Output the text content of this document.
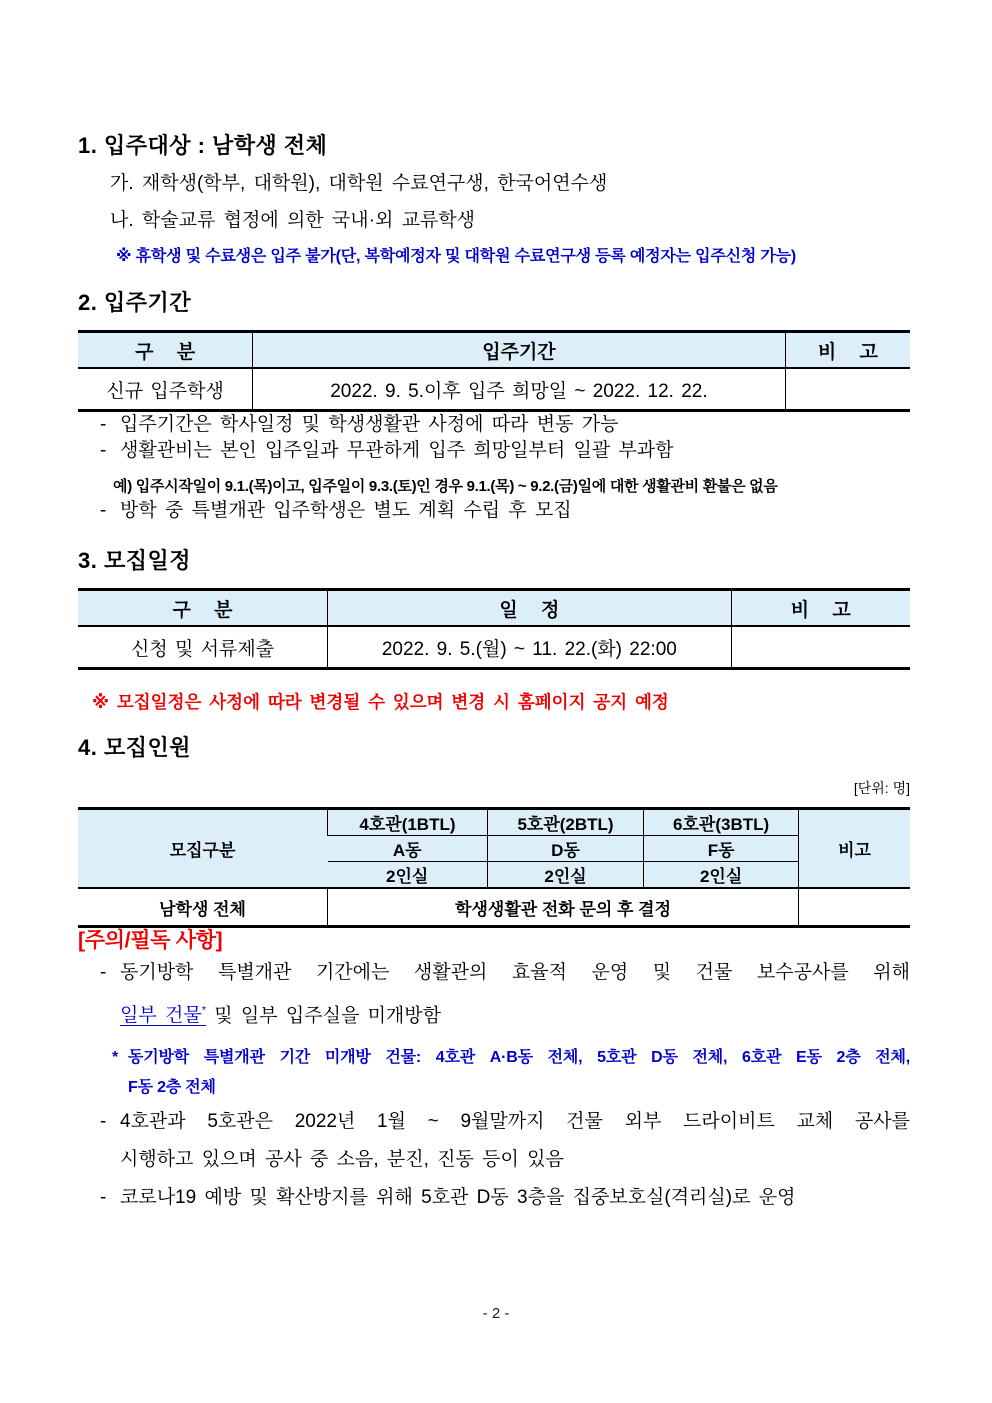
1. 입주대상 : 남학생 전체
가. 재학생(학부, 대학원), 대학원 수료연구생, 한국어연수생
나. 학술교류 협정에 의한 국내·외 교류학생
※ 휴학생 및 수료생은 입주 불가(단, 복학예정자 및 대학원 수료연구생 등록 예정자는 입주신청 가능)
2. 입주기간
구 분	입주기간	비 고
신규 입주학생	2022. 9. 5.이후 입주 희망일 ~ 2022. 12. 22.	
- 입주기간은 학사일정 및 학생생활관 사정에 따라 변동 가능
- 생활관비는 본인 입주일과 무관하게 입주 희망일부터 일괄 부과함
예) 입주시작일이 9.1.(목)이고, 입주일이 9.3.(토)인 경우 9.1.(목) ~ 9.2.(금)일에 대한 생활관비 환불은 없음
- 방학 중 특별개관 입주학생은 별도 계획 수립 후 모집
3. 모집일정
구 분	일 정	비 고
신청 및 서류제출	2022. 9. 5.(월) ~ 11. 22.(화) 22:00	
※ 모집일정은 사정에 따라 변경될 수 있으며 변경 시 홈페이지 공지 예정
4. 모집인원
[단위: 명]
모집구분	4호관(1BTL)	5호관(2BTL)	6호관(3BTL)	비고
	A동	D동	F동	
	2인실	2인실	2인실	
남학생 전체	학생생활관 전화 문의 후 결정			
[주의/필독 사항]
- 동기방학 특별개관 기간에는 생활관의 효율적 운영 및 건물 보수공사를 위해
일부 건물* 및 일부 입주실을 미개방함
* 동기방학 특별개관 기간 미개방 건물: 4호관 A·B동 전체, 5호관 D동 전체, 6호관 E동 2층 전체,
F동 2층 전체
- 4호관과 5호관은 2022년 1월 ~ 9월말까지 건물 외부 드라이비트 교체 공사를
시행하고 있으며 공사 중 소음, 분진, 진동 등이 있음
- 코로나19 예방 및 확산방지를 위해 5호관 D동 3층을 집중보호실(격리실)로 운영
- 2 -
